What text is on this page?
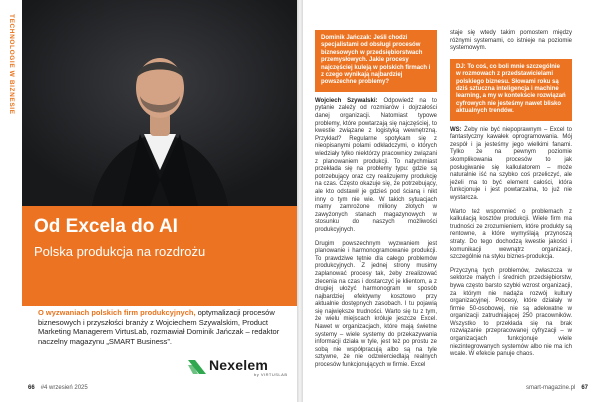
TECHNOLOGIE W BIZNESIE
Od Excela do AI
Polska produkcja na rozdrożu
O wyzwaniach polskich firm produkcyjnych, optymalizacji procesów biznesowych i przyszłości branży z Wojciechem Szywalskim, Product Marketing Managerem VirtusLab, rozmawiał Dominik Jańczak – redaktor naczelny magazynu „SMART Business”.
Nexelem
by VIRTUSLAB
66 #4 wrzesień 2025
Dominik Jańczak: Jeśli chodzi specjalistami od obsługi procesów biznesowych w przedsiębiorstwach przemysłowych. Jakie procesy najczęściej kuleją w polskich firmach i z czego wynikają najbardziej powszechne problemy?

Wojciech Szywalski: Odpowiedź na to pytanie zależy od rozmiarów i dojrzałości danej organizacji. Natomiast typowe problemy, które powtarzają się najczęściej, to kwestie związane z logistyką wewnętrzną. Przykład? Regularne spotykam się z nieopisanymi polami odkładczymi, o których wiedziały tylko niektórzy pracownicy związani z planowaniem produkcji. To natychmiast przekłada się na problemy typu: gdzie są potrzebujący oraz czy realizujemy produkcję na czas. Często okazuje się, że potrzebujący, ale kto odstawił je gdzieś pod ścianą i nikt inny o tym nie wie. W takich sytuacjach mamy zamrożone miliony złotych w zawyżonych stanach magazynowych w stosunku do naszych możliwości produkcyjnych.

Drugim powszechnym wyzwaniem jest planowanie i harmonogramowanie produkcji. To prawdziwe tętnie dla całego problemów produkcyjnych. Z jednej strony musimy zaplanować procesy tak, żeby zrealizować zlecenia na czas i dostarczyć je klientom, a z drugiej ułożyć harmonogram w sposób najbardziej efektywny kosztowo przy aktualnie dostępnych zasobach. I tu pojawią się największe trudności. Warto się tu z tym, że wielu miejscach króluje jeszcze Excel. Nawet w organizacjach, które mają świetne systemy – wiele systemy do przekazywania informacji działa w tyle, jest też po prostu ze sobą nie współpracują albo są na tyle sztywne, że nie odzwierciedlają realnych procesów funkcjonujących w firmie. Excel

staje się wtedy takim pomostem między różnymi systemami, co istnieje na poziomie systemowym.

DJ: To coś, co boli mnie szczególnie w rozmowach z przedstawicielami polskiego biznesu. Słowami roku są dziś sztuczna inteligencja i machine learning, a my w kontekście rozwiązań cyfrowych nie jesteśmy nawet blisko aktualnych trendów.

WS: Żeby nie być niepoprawnym – Excel to fantastyczny kawałek oprogramowania. Mój zespół i ja jesteśmy jego wielkimi fanami. Tylko że na pewnym poziomie skomplikowania procesów to jak posługiwanie się kalkulatorem – może naturalnie iść na szybko coś przeliczyć, ale jeżeli ma to być element całości, która funkcjonuje i jest powtarzalna, to już nie wystarcza.

Warto też wspomnieć o problemach z kalkulacją kosztów produkcji. Wiele firm ma trudności ze zrozumieniem, które produkty są rentowne, a które wymyślają przynoszą straty. Do tego dochodzą kwestie jakości i komunikacji wewnątrz organizacji, szczególnie na styku biznes-produkcja.

Przyczyną tych problemów, zwłaszcza w sektorze małych i średnich przedsiębiorstw, bywa często barsto szybki wzrost organizacji, za którym nie nadąża rozwój kultury organizacyjnej. Procesy, które działały w firmie 50-osobowej, nie są adekwatne w organizacji zatrudniającej 250 pracowników. Wszystko to przekłada się na brak rozwiązanie przepracowanej cyfryzacji – w organizacjach funkcjonuje wiele niezintegrowanych systemów albo nie ma ich wcale. W efekcie panuje chaos.

smart-magazine.pl 67
